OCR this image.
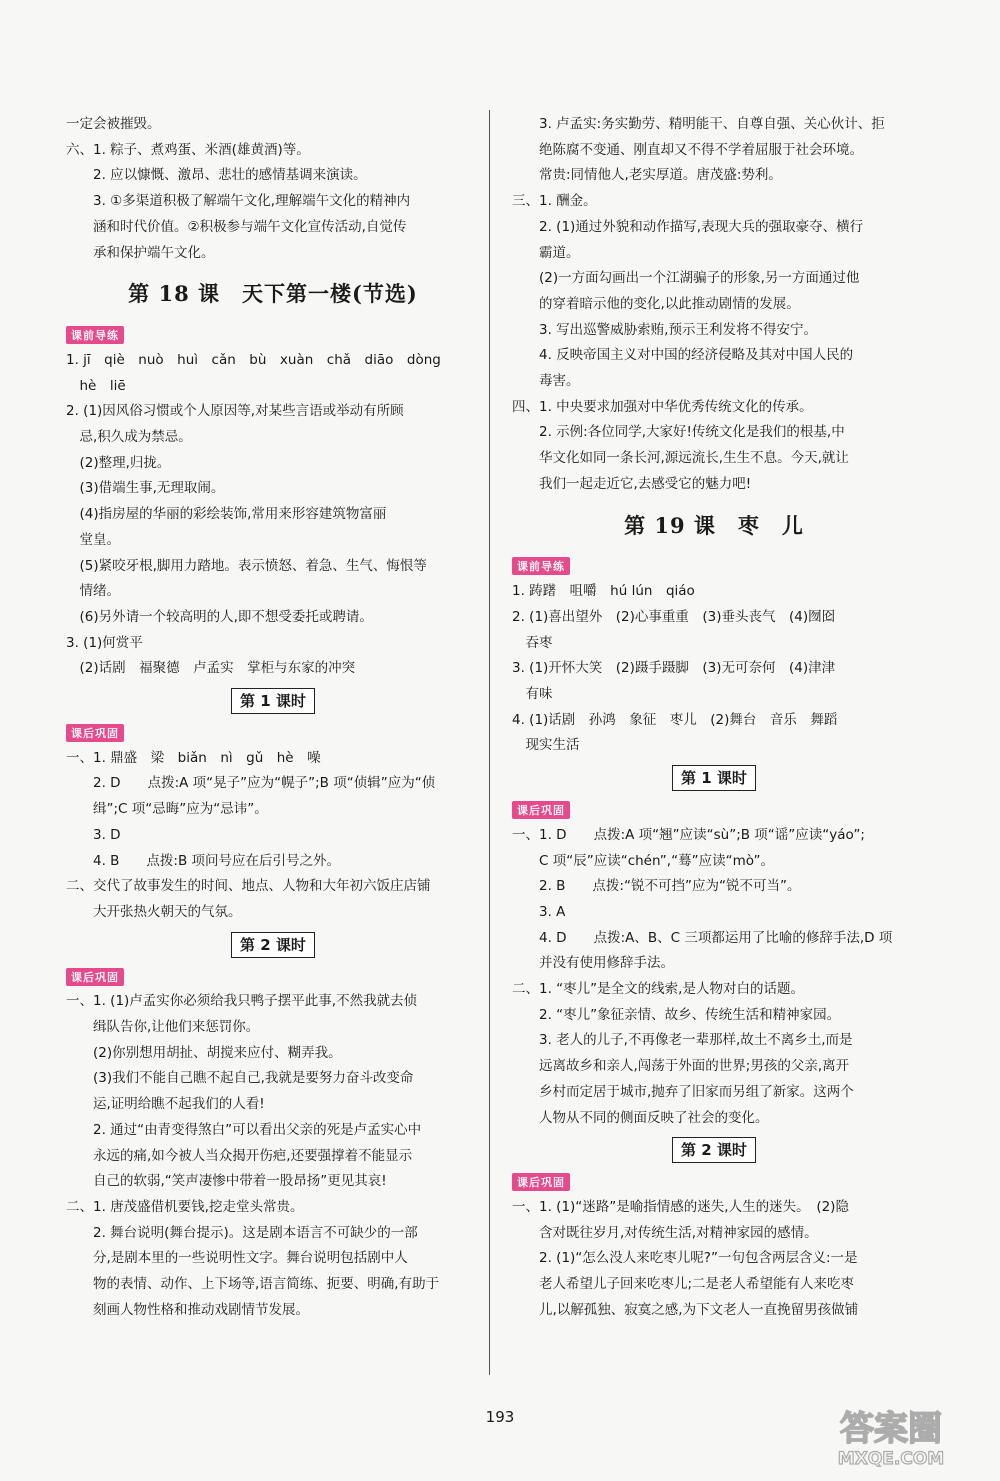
一定会被摧毁。
六、1. 粽子、煮鸡蛋、米酒(雄黄酒)等。
　　2. 应以慷慨、激昂、悲壮的感情基调来演读。
　　3. ①多渠道积极了解端午文化,理解端午文化的精神内
　　涵和时代价值。②积极参与端午文化宣传活动,自觉传
　　承和保护端午文化。
第 18 课　天下第一楼(节选)
课前导练
1. jī　qiè　nuò　huì　cǎn　bù　xuàn　chǎ　diāo　dòng
　hè　liē
2. (1)因风俗习惯或个人原因等,对某些言语或举动有所顾
　忌,积久成为禁忌。
　(2)整理,归拢。
　(3)借端生事,无理取闹。
　(4)指房屋的华丽的彩绘装饰,常用来形容建筑物富丽
　堂皇。
　(5)紧咬牙根,脚用力踏地。表示愤怒、着急、生气、悔恨等
　情绪。
　(6)另外请一个较高明的人,即不想受委托或聘请。
3. (1)何赏平
　(2)话剧　福聚德　卢孟实　掌柜与东家的冲突
第 1 课时
课后巩固
一、1. 鼎盛　梁　biǎn　nì　gǔ　hè　噪
　　2. D　　点拨:A 项“晃子”应为“幌子”;B 项“侦辑”应为“侦
　　缉”;C 项“忌晦”应为“忌讳”。
　　3. D
　　4. B　　点拨:B 项问号应在后引号之外。
二、交代了故事发生的时间、地点、人物和大年初六饭庄店铺
　　大开张热火朝天的气氛。
第 2 课时
课后巩固
一、1. (1)卢孟实你必须给我只鸭子摆平此事,不然我就去侦
　　缉队告你,让他们来惩罚你。
　　(2)你别想用胡扯、胡搅来应付、糊弄我。
　　(3)我们不能自己瞧不起自己,我就是要努力奋斗改变命
　　运,证明给瞧不起我们的人看!
　　2. 通过“由青变得煞白”可以看出父亲的死是卢孟实心中
　　永远的痛,如今被人当众揭开伤疤,还要强撑着不能显示
　　自己的软弱,“笑声凄惨中带着一股昂扬”更见其哀!
二、1. 唐茂盛借机要钱,挖走堂头常贵。
　　2. 舞台说明(舞台提示)。这是剧本语言不可缺少的一部
　　分,是剧本里的一些说明性文字。舞台说明包括剧中人
　　物的表情、动作、上下场等,语言简练、扼要、明确,有助于
　　刻画人物性格和推动戏剧情节发展。
　　3. 卢孟实:务实勤劳、精明能干、自尊自强、关心伙计、拒
　　绝陈腐不变通、刚直却又不得不学着屈服于社会环境。
　　常贵:同情他人,老实厚道。唐茂盛:势利。
三、1. 酬金。
　　2. (1)通过外貌和动作描写,表现大兵的强取豪夺、横行
　　霸道。
　　(2)一方面勾画出一个江湖骗子的形象,另一方面通过他
　　的穿着暗示他的变化,以此推动剧情的发展。
　　3. 写出巡警威胁索贿,预示王利发将不得安宁。
　　4. 反映帝国主义对中国的经济侵略及其对中国人民的
　　毒害。
四、1. 中央要求加强对中华优秀传统文化的传承。
　　2. 示例:各位同学,大家好!传统文化是我们的根基,中
　　华文化如同一条长河,源远流长,生生不息。今天,就让
　　我们一起走近它,去感受它的魅力吧!
第 19 课　枣　儿
课前导练
1. 踌躇　咀嚼　hú lún　qiáo
2. (1)喜出望外　(2)心事重重　(3)垂头丧气　(4)囫囵
　吞枣
3. (1)开怀大笑　(2)蹑手蹑脚　(3)无可奈何　(4)津津
　有味
4. (1)话剧　孙鸿　象征　枣儿　(2)舞台　音乐　舞蹈
　现实生活
第 1 课时
课后巩固
一、1. D　　点拨:A 项“翘”应读“sù”;B 项“谣”应读“yáo”;
　　C 项“辰”应读“chén”,“蓦”应读“mò”。
　　2. B　　点拨:“锐不可挡”应为“锐不可当”。
　　3. A
　　4. D　　点拨:A、B、C 三项都运用了比喻的修辞手法,D 项
　　并没有使用修辞手法。
二、1. “枣儿”是全文的线索,是人物对白的话题。
　　2. “枣儿”象征亲情、故乡、传统生活和精神家园。
　　3. 老人的儿子,不再像老一辈那样,故土不离乡土,而是
　　远离故乡和亲人,闯荡于外面的世界;男孩的父亲,离开
　　乡村而定居于城市,抛弃了旧家而另组了新家。这两个
　　人物从不同的侧面反映了社会的变化。
第 2 课时
课后巩固
一、1. (1)“迷路”是喻指情感的迷失,人生的迷失。　(2)隐
　　含对既往岁月,对传统生活,对精神家园的感情。
　　2. (1)“怎么没人来吃枣儿呢?”一句包含两层含义:一是
　　老人希望儿子回来吃枣儿;二是老人希望能有人来吃枣
　　儿,以解孤独、寂寞之感,为下文老人一直挽留男孩做铺
193	答案圈
MXQE.COM
